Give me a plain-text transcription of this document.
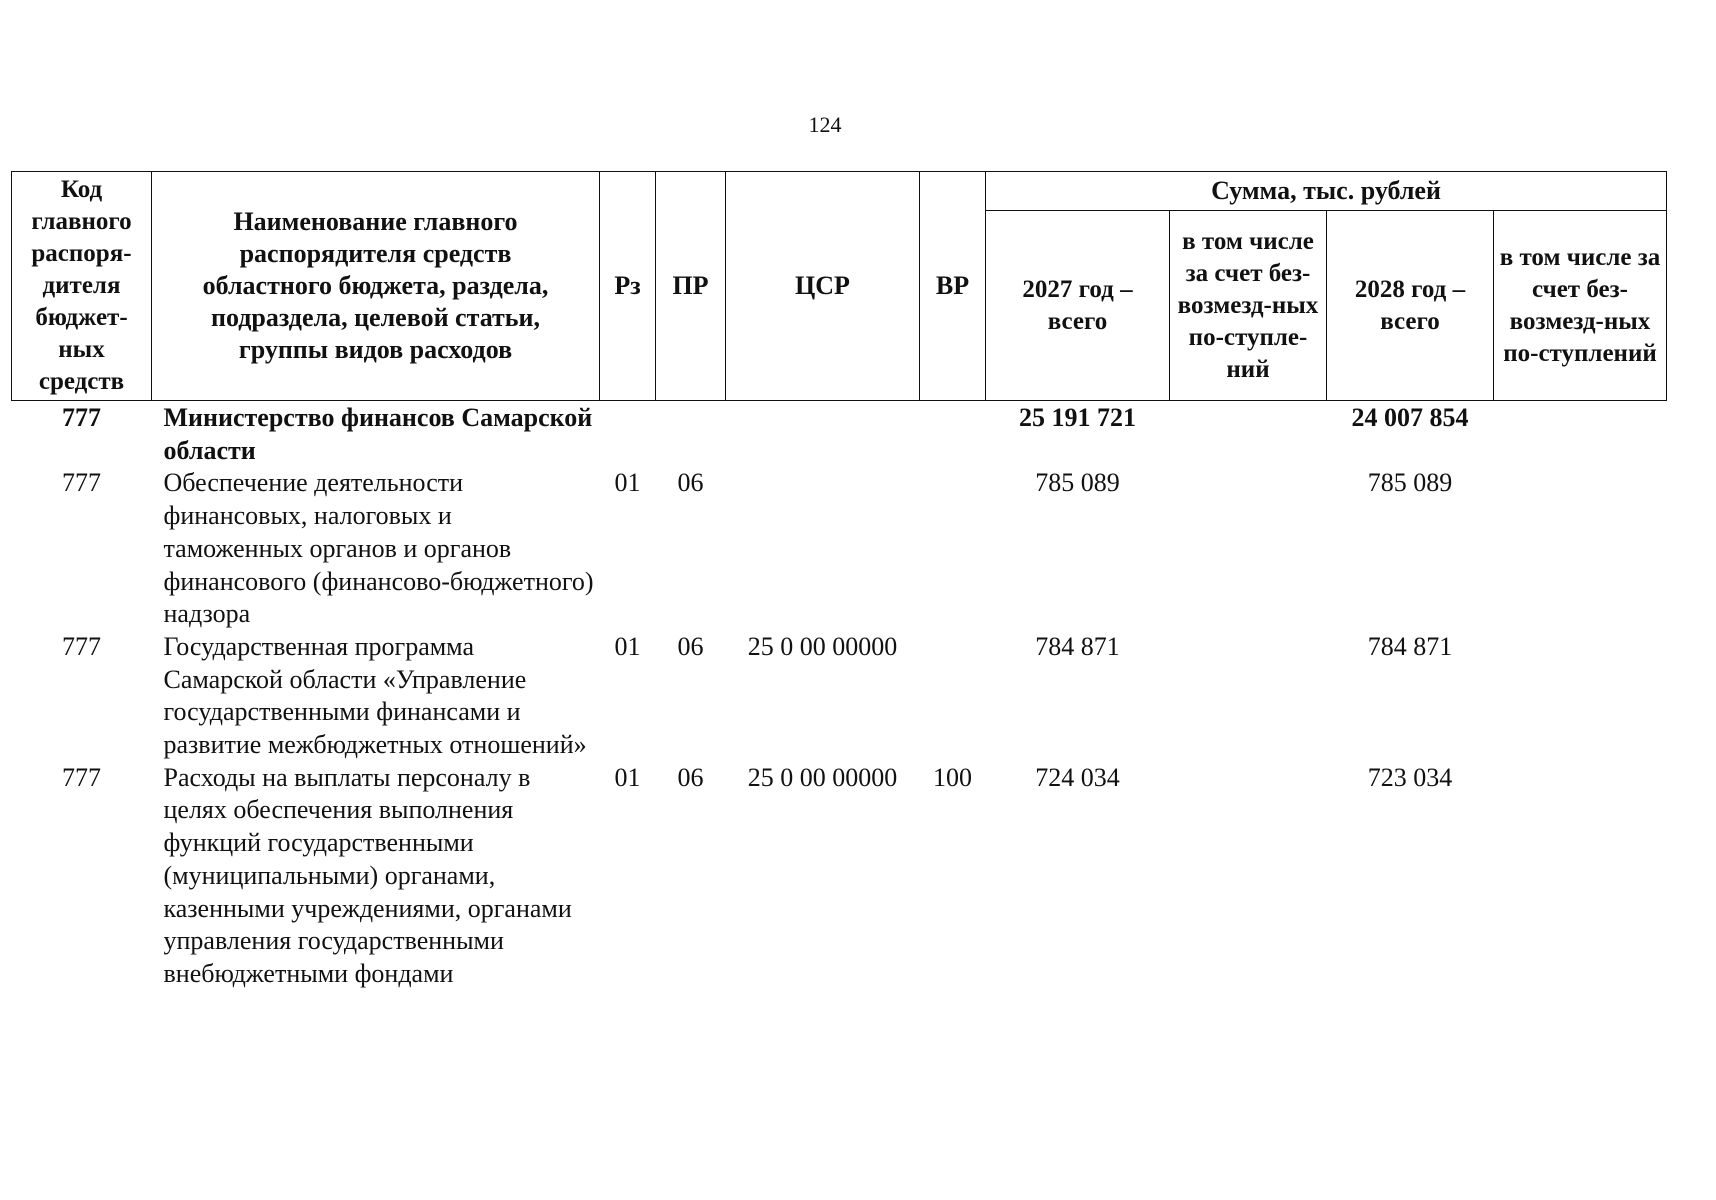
124
Код главного распоря-дителя бюджет-ных средств	Наименование главного распорядителя средств областного бюджета, раздела, подраздела, целевой статьи, группы видов расходов	Рз	ПР	ЦСР	ВР	Сумма, тыс. рублей			
						2027 год – всего	в том числе за счет без-возмезд-ных по-ступле-ний	2028 год – всего	в том числе за счет без-возмезд-ных по-ступлений
777	Министерство финансов Самарской области					25 191 721		24 007 854	
777	Обеспечение деятельности финансовых, налоговых и таможенных органов и органов финансового (финансово-бюджетного) надзора	01	06			785 089		785 089	
777	Государственная программа Самарской области «Управление государственными финансами и развитие межбюджетных отношений»	01	06	25 0 00 00000		784 871		784 871	
777	Расходы на выплаты персоналу в целях обеспечения выполнения функций государственными (муниципальными) органами, казенными учреждениями, органами управления государственными внебюджетными фондами	01	06	25 0 00 00000	100	724 034		723 034	
